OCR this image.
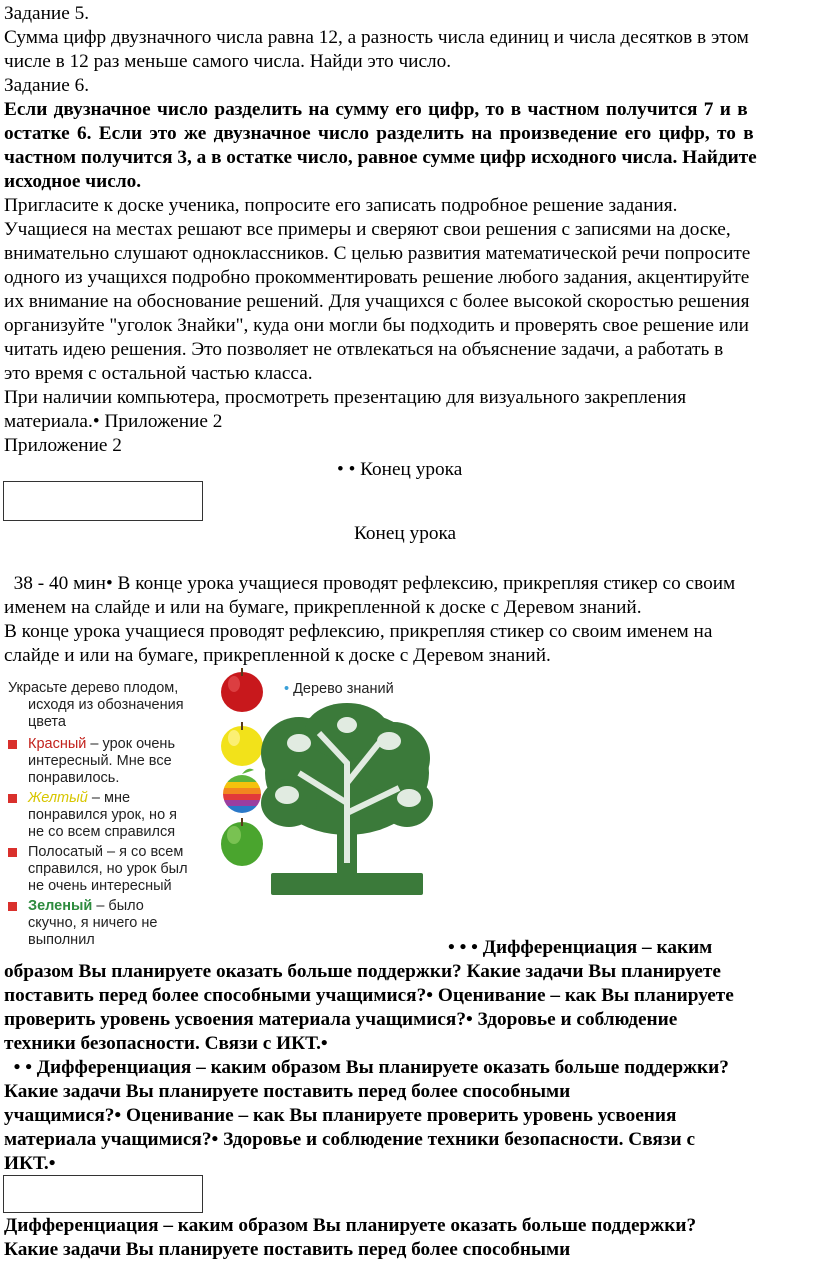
Задание 5.
Сумма цифр двузначного числа равна 12, а разность числа единиц и числа десятков в этом
числе в 12 раз меньше самого числа. Найди это число.
Задание 6.
Если двузначное число разделить на сумму его цифр, то в частном получится 7 и в
остатке 6. Если это же двузначное число разделить на произведение его цифр, то в
частном получится 3, а в остатке число, равное сумме цифр исходного числа. Найдите
исходное число.
Пригласите к доске ученика, попросите его записать подробное решение задания.
Учащиеся на местах решают все примеры и сверяют свои решения с записями на доске,
внимательно слушают одноклассников. С целью развития математической речи попросите
одного из учащихся подробно прокомментировать решение любого задания, акцентируйте
их внимание на обоснование решений. Для учащихся с более высокой скоростью решения
организуйте "уголок Знайки", куда они могли бы подходить и проверять свое решение или
читать идею решения. Это позволяет не отвлекаться на объяснение задачи, а работать в
это время с остальной частью класса.
При наличии компьютера, просмотреть презентацию для визуального закрепления
материала.• Приложение 2
Приложение 2
• • Конец урока
Конец урока
38 - 40 мин• В конце урока учащиеся проводят рефлексию, прикрепляя стикер со своим
именем на слайде и или на бумаге, прикрепленной к доске с Деревом знаний.
В конце урока учащиеся проводят рефлексию, прикрепляя стикер со своим именем на
слайде и или на бумаге, прикрепленной к доске с Деревом знаний.
Украсьте дерево плодом,
исходя из обозначения
цвета
Красный – урок очень
интересный. Мне все
понравилось.
Желтый – мне
понравился урок, но я
не со всем справился
Полосатый – я со всем
справился, но урок был
не очень интересный
Зеленый – было
скучно, я ничего не
выполнил
• Дерево знаний
• • • Дифференциация – каким
образом Вы планируете оказать больше поддержки? Какие задачи Вы планируете
поставить перед более способными учащимися?• Оценивание – как Вы планируете
проверить уровень усвоения материала учащимися?• Здоровье и соблюдение
техники безопасности. Связи с ИКТ.•
• • Дифференциация – каким образом Вы планируете оказать больше поддержки?
Какие задачи Вы планируете поставить перед более способными
учащимися?• Оценивание – как Вы планируете проверить уровень усвоения
материала учащимися?• Здоровье и соблюдение техники безопасности. Связи с
ИКТ.•
Дифференциация – каким образом Вы планируете оказать больше поддержки?
Какие задачи Вы планируете поставить перед более способными
